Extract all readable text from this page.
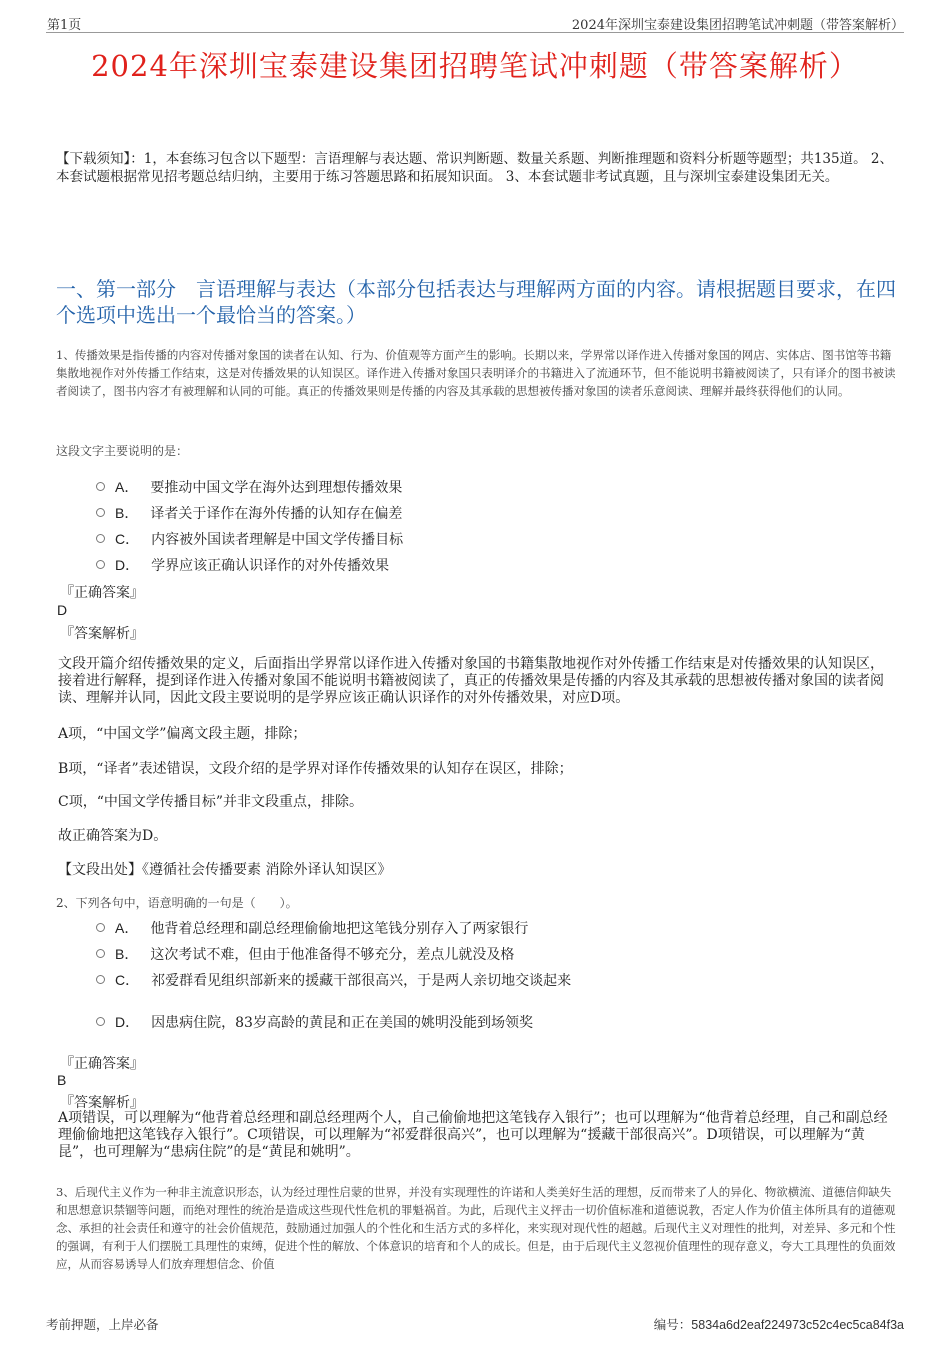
第1页	2024年深圳宝泰建设集团招聘笔试冲刺题（带答案解析）
2024年深圳宝泰建设集团招聘笔试冲刺题（带答案解析）
【下载须知】：1，本套练习包含以下题型：言语理解与表达题、常识判断题、数量关系题、判断推理题和资料分析题等题型；共135道。 2、本套试题根据常见招考题总结归纳，主要用于练习答题思路和拓展知识面。 3、本套试题非考试真题，且与深圳宝泰建设集团无关。
一、第一部分　言语理解与表达（本部分包括表达与理解两方面的内容。请根据题目要求，在四个选项中选出一个最恰当的答案。）
1、传播效果是指传播的内容对传播对象国的读者在认知、行为、价值观等方面产生的影响。长期以来，学界常以译作进入传播对象国的网店、实体店、图书馆等书籍集散地视作对外传播工作结束，这是对传播效果的认知误区。译作进入传播对象国只表明译介的书籍进入了流通环节，但不能说明书籍被阅读了，只有译介的图书被读者阅读了，图书内容才有被理解和认同的可能。真正的传播效果则是传播的内容及其承载的思想被传播对象国的读者乐意阅读、理解并最终获得他们的认同。
这段文字主要说明的是：
A． 要推动中国文学在海外达到理想传播效果
B． 译者关于译作在海外传播的认知存在偏差
C． 内容被外国读者理解是中国文学传播目标
D． 学界应该正确认识译作的对外传播效果
『正确答案』
D
『答案解析』
文段开篇介绍传播效果的定义，后面指出学界常以译作进入传播对象国的书籍集散地视作对外传播工作结束是对传播效果的认知误区，接着进行解释，提到译作进入传播对象国不能说明书籍被阅读了，真正的传播效果是传播的内容及其承载的思想被传播对象国的读者阅读、理解并认同，因此文段主要说明的是学界应该正确认识译作的对外传播效果，对应D项。
A项，“中国文学”偏离文段主题，排除；
B项，“译者”表述错误，文段介绍的是学界对译作传播效果的认知存在误区，排除；
C项，“中国文学传播目标”并非文段重点，排除。
故正确答案为D。
【文段出处】《遵循社会传播要素 消除外译认知误区》
2、下列各句中，语意明确的一句是（　　）。
A． 他背着总经理和副总经理偷偷地把这笔钱分别存入了两家银行
B． 这次考试不难，但由于他准备得不够充分，差点儿就没及格
C． 祁爱群看见组织部新来的援藏干部很高兴，于是两人亲切地交谈起来
D． 因患病住院，83岁高龄的黄昆和正在美国的姚明没能到场领奖
『正确答案』
B
『答案解析』
A项错误，可以理解为“他背着总经理和副总经理两个人，自己偷偷地把这笔钱存入银行”；也可以理解为“他背着总经理，自己和副总经理偷偷地把这笔钱存入银行”。C项错误，可以理解为“祁爱群很高兴”，也可以理解为“援藏干部很高兴”。D项错误，可以理解为“黄昆”，也可理解为“患病住院”的是“黄昆和姚明”。
3、后现代主义作为一种非主流意识形态，认为经过理性启蒙的世界，并没有实现理性的许诺和人类美好生活的理想，反而带来了人的异化、物欲横流、道德信仰缺失和思想意识禁锢等问题，而绝对理性的统治是造成这些现代性危机的罪魁祸首。为此，后现代主义抨击一切价值标准和道德说教，否定人作为价值主体所具有的道德观念、承担的社会责任和遵守的社会价值规范，鼓励通过加强人的个性化和生活方式的多样化，来实现对现代性的超越。后现代主义对理性的批判，对差异、多元和个性的强调，有利于人们摆脱工具理性的束缚，促进个性的解放、个体意识的培育和个人的成长。但是，由于后现代主义忽视价值理性的现存意义，夸大工具理性的负面效应，从而容易诱导人们放弃理想信念、价值
考前押题，上岸必备	编号：5834a6d2eaf224973c52c4ec5ca84f3a
